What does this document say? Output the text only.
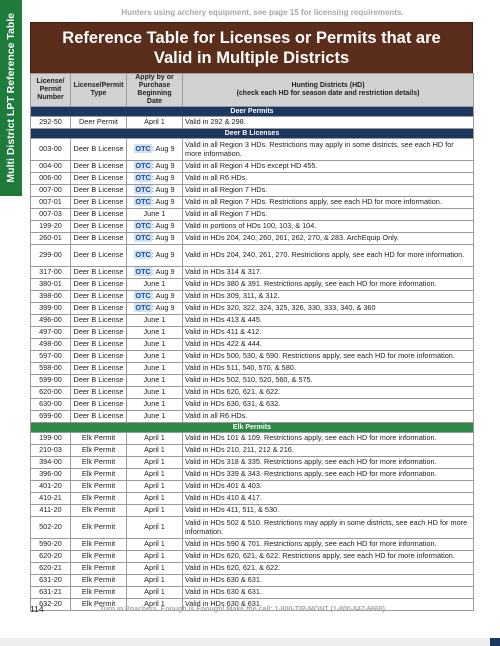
Multi District LPT Reference Table
Hunters using archery equipment, see page 15 for licensing requirements.
Reference Table for Licenses or Permits that are
Valid in Multiple Districts
License/ Permit Number	License/Permit Type	Apply by or Purchase Beginning Date	Hunting Districts (HD)
(check each HD for season date and restriction details)

Deer Permits			
292-50	Deer Permit	April 1	Valid in 292 & 298.
Deer B Licenses			
003-00	Deer B License	OTC: Aug 9	Valid in all Region 3 HDs. Restrictions may apply in some districts, see each HD for more information.
004-00	Deer B License	OTC: Aug 9	Valid in all Region 4 HDs except HD 455.
006-00	Deer B License	OTC: Aug 9	Valid in all R6 HDs.
007-00	Deer B License	OTC: Aug 9	Valid in all Region 7 HDs.
007-01	Deer B License	OTC: Aug 9	Valid in all Region 7 HDs. Restrictions apply, see each HD for more information.
007-03	Deer B License	June 1	Valid in all Region 7 HDs.
199-20	Deer B License	OTC: Aug 9	Valid in portions of HDs 100, 103, & 104.
260-01	Deer B License	OTC: Aug 9	Valid in HDs 204, 240, 260, 261, 262, 270, & 283. ArchEquip Only.
299-00	Deer B License	OTC: Aug 9	Valid in HDs 204, 240, 261, 270. Restrictions apply, see each HD for more information.
317-00	Deer B License	OTC: Aug 9	Valid in HDs 314 & 317.
380-01	Deer B License	June 1	Valid in HDs 380 & 391. Restrictions apply, see each HD for more information.
398-00	Deer B License	OTC: Aug 9	Valid in HDs 309, 311, & 312.
399-00	Deer B License	OTC: Aug 9	Valid in HDs 320, 322, 324, 325, 326, 330, 333, 340, & 360
496-00	Deer B License	June 1	Valid in HDs 413 & 445.
497-00	Deer B License	June 1	Valid in HDs 411 & 412.
498-00	Deer B License	June 1	Valid in HDs 422 & 444.
597-00	Deer B License	June 1	Valid in HDs 500, 530, & 590. Restrictions apply, see each HD for more information.
598-00	Deer B License	June 1	Valid in HDs 511, 540, 570, & 580.
599-00	Deer B License	June 1	Valid in HDs 502, 510, 520, 560, & 575.
620-00	Deer B License	June 1	Valid in HDs 620, 621, & 622.
630-00	Deer B License	June 1	Valid in HDs 630, 631, & 632.
699-00	Deer B License	June 1	Valid in all R6 HDs.
Elk Permits			
199-00	Elk Permit	April 1	Valid in HDs 101 & 109. Restrictions apply, see each HD for more information.
210-03	Elk Permit	April 1	Valid in HDs 210, 211, 212 & 216.
394-00	Elk Permit	April 1	Valid in HDs 318 & 335. Restrictions apply, see each HD for more information.
396-00	Elk Permit	April 1	Valid in HDs 339 & 343. Restrictions apply, see each HD for more information.
401-20	Elk Permit	April 1	Valid in HDs 401 & 403.
410-21	Elk Permit	April 1	Valid in HDs 410 & 417.
411-20	Elk Permit	April 1	Valid in HDs 411, 511, & 530.
502-20	Elk Permit	April 1	Valid in HDs 502 & 510. Restrictions may apply in some districts, see each HD for more information.
590-20	Elk Permit	April 1	Valid in HDs 590 & 701. Restrictions apply, see each HD for more information.
620-20	Elk Permit	April 1	Valid in HDs 620, 621, & 622. Restrictions apply, see each HD for more information.
620-21	Elk Permit	April 1	Valid in HDs 620, 621, & 622.
631-20	Elk Permit	April 1	Valid in HDs 630 & 631.
631-21	Elk Permit	April 1	Valid in HDs 630 & 631.
632-20	Elk Permit	April 1	Valid in HDs 630 & 631.
114	Turn in Poachers. Enough is Enough! Make the call: 1-800-TIP-MONT (1-800-847-6668)
